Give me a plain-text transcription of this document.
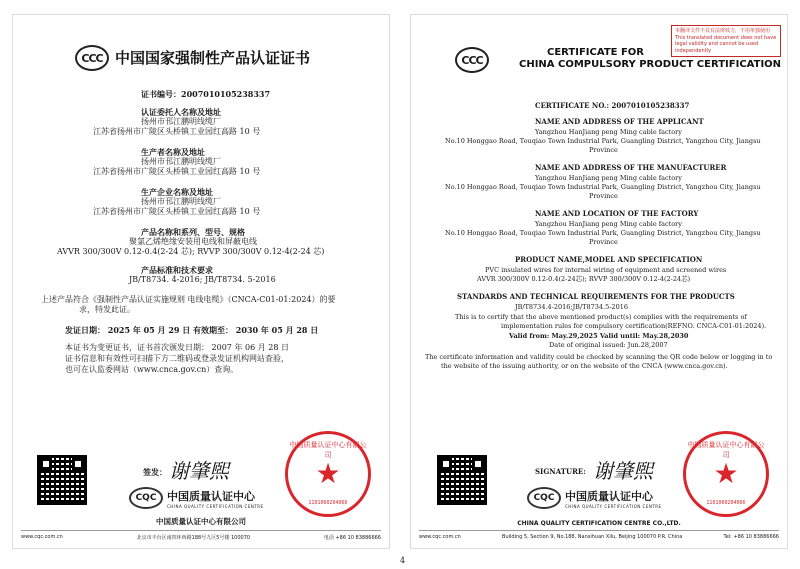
CCC 中国国家强制性产品认证证书
证书编号：2007010105238337
认证委托人名称及地址
扬州市邗江鹏明线缆厂
江苏省扬州市广陵区头桥镇工业园红高路 10 号
生产者名称及地址
扬州市邗江鹏明线缆厂
江苏省扬州市广陵区头桥镇工业园红高路 10 号
生产企业名称及地址
扬州市邗江鹏明线缆厂
江苏省扬州市广陵区头桥镇工业园红高路 10 号
产品名称和系列、型号、规格
聚氯乙烯绝缘安装用电线和屏蔽电线
AVVR 300/300V 0.12-0.4(2-24 芯); RVVP 300/300V 0.12-4(2-24 芯)
产品标准和技术要求
JB/T8734. 4-2016; JB/T8734. 5-2016
上述产品符合《强制性产品认证实施规则 电线电缆》（CNCA-C01-01:2024）的要
求，特发此证。
发证日期： 2025 年 05 月 29 日 有效期至： 2030 年 05 月 28 日
本证书为变更证书，证书首次颁发日期： 2007 年 06 月 28 日
证书信息和有效性可扫描下方二维码或登录发证机构网站查验，
也可在认监委网站（www.cnca.gov.cn）查询。
签发： 谢肇煕
CQC 中国质量认证中心
CHINA QUALITY CERTIFICATION CENTRE
中国质量认证中心有限公司
★
1101060204066
中国质量认证中心有限公司
www.cqc.com.cn	北京市丰台区南四环西路188号九区5号楼 100070	电话 +86 10 83886666
本翻译文件不具有法律效力，不用单独使用 This translated document does not have legal validity and cannot be used independently
CCC
CERTIFICATE FOR
CHINA COMPULSORY PRODUCT CERTIFICATION
CERTIFICATE NO.: 2007010105238337
NAME AND ADDRESS OF THE APPLICANT
Yangzhou HanJiang peng Ming cable factory
No.10 Honggao Road, Touqiao Town Industrial Park, Guangling District, Yangzhou City, Jiangsu
Province
NAME AND ADDRESS OF THE MANUFACTURER
Yangzhou HanJiang peng Ming cable factory
No.10 Honggao Road, Touqiao Town Industrial Park, Guangling District, Yangzhou City, Jiangsu
Province
NAME AND LOCATION OF THE FACTORY
Yangzhou HanJiang peng Ming cable factory
No.10 Honggao Road, Touqiao Town Industrial Park, Guangling District, Yangzhou City, Jiangsu
Province
PRODUCT NAME,MODEL AND SPECIFICATION
PVC insulated wires for internal wiring of equipment and screened wires
AVVR 300/300V 0.12-0.4(2-24芯); RVVP 300/300V 0.12-4(2-24芯)
STANDARDS AND TECHNICAL REQUIREMENTS FOR THE PRODUCTS
JB/T8734.4-2016;JB/T8734.5-2016
This is to certify that the above mentioned product(s) complies with the requirements of
implementation rules for compulsory certification(REFNO. CNCA-C01-01:2024).
Valid from: May.29,2025 Valid until: May.28,2030
Date of original issued: Jun.28,2007
The certificate information and validity could be checked by scanning the QR code below or logging in to
the website of the issuing authority, or on the website of the CNCA (www.cnca.gov.cn).
SIGNATURE: 谢肇煕
CQC 中国质量认证中心
CHINA QUALITY CERTIFICATION CENTRE
中国质量认证中心有限公司
★
1101060204066
CHINA QUALITY CERTIFICATION CENTRE CO.,LTD.
www.cqc.com.cn	Building 5, Section 9, No.188, Nansihuan Xilu, Beijing 100070 P.R. China	Tel: +86 10 83886666
4
